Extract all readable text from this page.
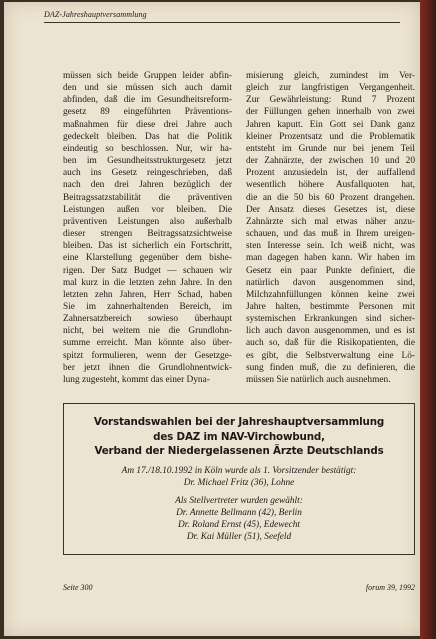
DAZ-Jahreshauptversammlung

müssen sich beide Gruppen leider abfin-
den und sie müssen sich auch damit
abfinden, daß die im Gesundheitsreform-
gesetz 89 eingeführten Präventions-
maßnahmen für diese drei Jahre auch
gedeckelt bleiben. Das hat die Politik
eindeutig so beschlossen. Nur, wir ha-
ben im Gesundheitsstrukturgesetz jetzt
auch ins Gesetz reingeschrieben, daß
nach den drei Jahren bezüglich der
Beitragssatzstabilität die präventiven
Leistungen außen vor bleiben. Die
präventiven Leistungen also außerhalb
dieser strengen Beitragssatzsichtweise
bleiben. Das ist sicherlich ein Fortschritt,
eine Klarstellung gegenüber dem bishe-
rigen. Der Satz Budget — schauen wir
mal kurz in die letzten zehn Jahre. In den
letzten zehn Jahren, Herr Schad, haben
Sie im zahnerhaltenden Bereich, im
Zahnersatzbereich sowieso überhaupt
nicht, bei weitem nie die Grundlohn-
summe erreicht. Man könnte also über-
spitzt formulieren, wenn der Gesetzge-
ber jetzt ihnen die Grundlohnentwick-
lung zugesteht, kommt das einer Dyna-

misierung gleich, zumindest im Ver-
gleich zur langfristigen Vergangenheit.
Zur Gewährleistung: Rund 7 Prozent
der Füllungen gehen innerhalb von zwei
Jahren kaputt. Ein Gott sei Dank ganz
kleiner Prozentsatz und die Problematik
entsteht im Grunde nur bei jenem Teil
der Zahnärzte, der zwischen 10 und 20
Prozent anzusiedeln ist, der auffallend
wesentlich höhere Ausfallquoten hat,
die an die 50 bis 60 Prozent drangehen.
Der Ansatz dieses Gesetzes ist, diese
Zahnärzte sich mal etwas näher anzu-
schauen, und das muß in Ihrem ureigen-
sten Interesse sein. Ich weiß nicht, was
man dagegen haben kann. Wir haben im
Gesetz ein paar Punkte definiert, die
natürlich davon ausgenommen sind,
Milchzahnfüllungen können keine zwei
Jahre halten, bestimmte Personen mit
systemischen Erkrankungen sind sicher-
lich auch davon ausgenommen, und es ist
auch so, daß für die Risikopatienten, die
es gibt, die Selbstverwaltung eine Lö-
sung finden muß, die zu definieren, die
müssen Sie natürlich auch ausnehmen.

Vorstandswahlen bei der Jahreshauptversammlung
des DAZ im NAV-Virchowbund,
Verband der Niedergelassenen Ärzte Deutschlands
Am 17./18.10.1992 in Köln wurde als 1. Vorsitzender bestätigt:
Dr. Michael Fritz (36), Lohne
Als Stellvertreter wurden gewählt:
Dr. Annette Bellmann (42), Berlin
Dr. Roland Ernst (45), Edewecht
Dr. Kai Müller (51), Seefeld
Seite 300	forum 39, 1992
